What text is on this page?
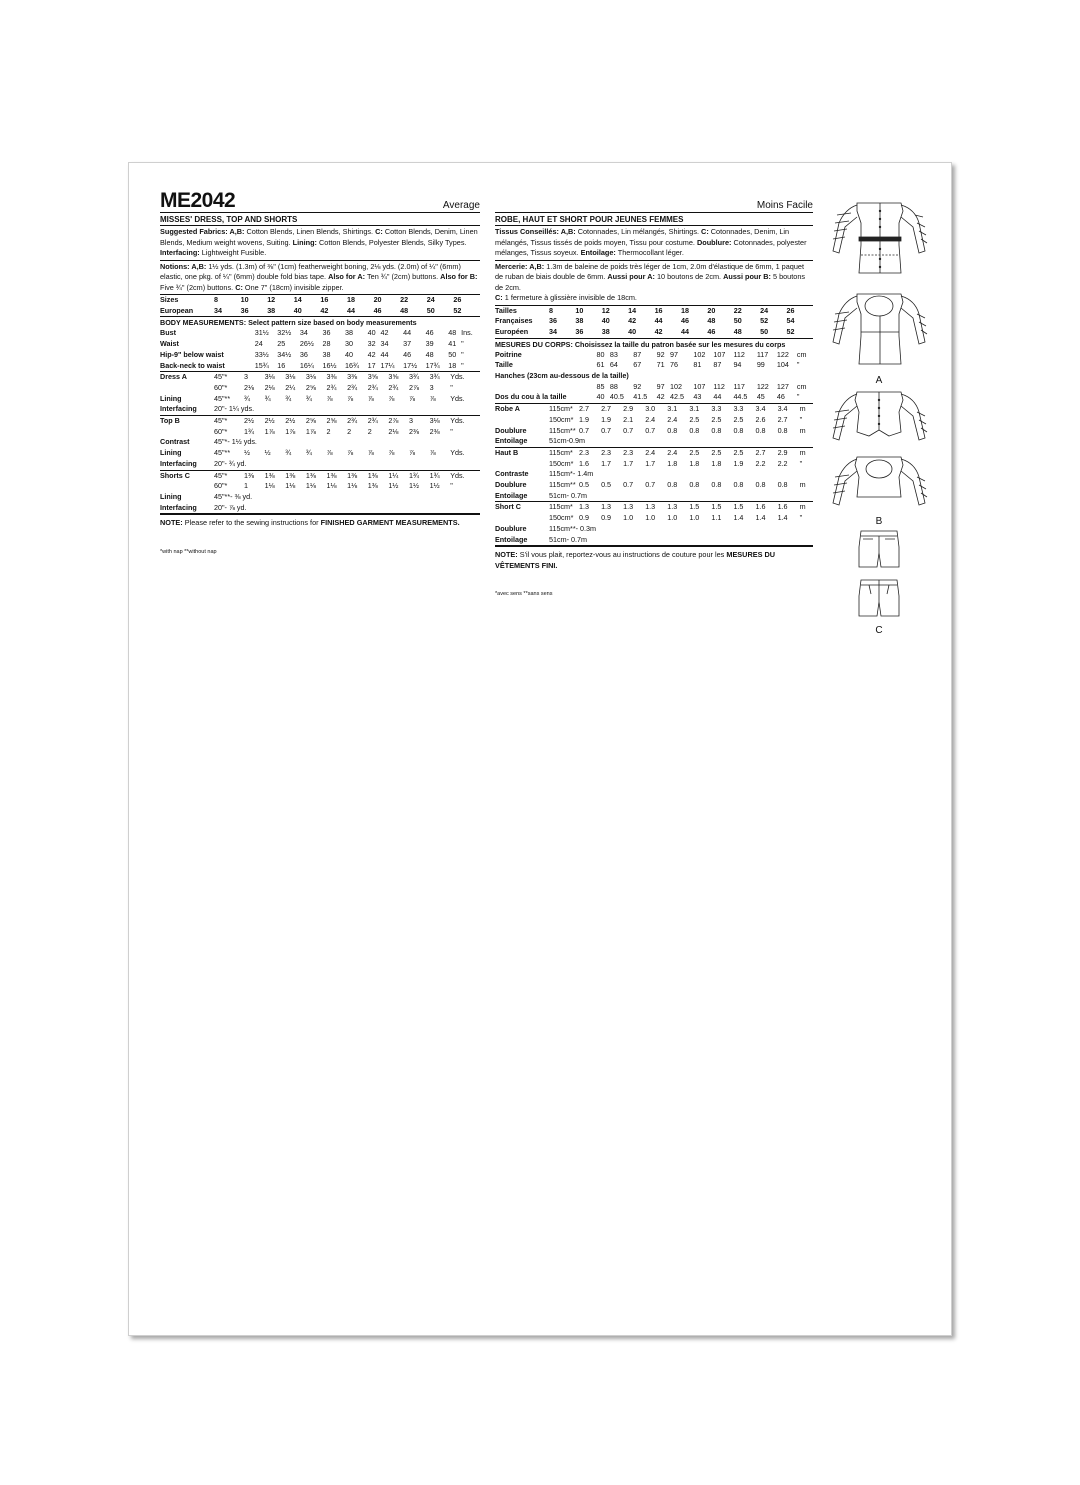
ME2042	Average
MISSES' DRESS, TOP AND SHORTS
Suggested Fabrics: A,B: Cotton Blends, Linen Blends, Shirtings. C: Cotton Blends, Denim, Linen Blends, Medium weight wovens, Suiting. Lining: Cotton Blends, Polyester Blends, Silky Types.
Interfacing: Lightweight Fusible.
Notions: A,B: 1½ yds. (1.3m) of ⅜" (1cm) featherweight boning, 2⅛ yds. (2.0m) of ¼" (6mm) elastic, one pkg. of ¼" (6mm) double fold bias tape. Also for A: Ten ¾" (2cm) buttons. Also for B: Five ¾" (2cm) buttons. C: One 7" (18cm) invisible zipper.
Sizes	8	10	12	14	16	18	20	22	24	26
European	34	36	38	40	42	44	46	48	50	52
BODY MEASUREMENTS: Select pattern size based on body measurements
Bust		31½	32½	34	36	38	40	42	44	46	48	Ins.
Waist		24	25	26½	28	30	32	34	37	39	41	"
Hip-9" below waist		33½	34½	36	38	40	42	44	46	48	50	"
Back-neck to waist		15¾	16	16¼	16½	16¾	17	17¼	17½	17¾	18	"
Dress A	45"*	3	3⅛	3⅛	3⅛	3⅜	3⅜	3⅝	3⅝	3¾	3¾	Yds.
	60"*	2⅛	2⅛	2¼	2⅝	2¾	2¾	2¾	2¾	2⅞	3	"
Lining	45"**	¾	¾	¾	¾	⅞	⅞	⅞	⅞	⅞	⅞	Yds.
Interfacing	20"- 1¼ yds.											
Top B	45"*	2½	2½	2½	2⅝	2⅝	2¾	2¾	2⅞	3	3⅛	Yds.
	60"*	1¾	1⅞	1⅞	1⅞	2	2	2	2⅛	2⅜	2⅜	"
Contrast	45"*- 1½ yds.											
Lining	45"**	½	½	¾	¾	⅞	⅞	⅞	⅞	⅞	⅞	Yds.
Interfacing	20"- ¾ yd.											
Shorts C	45"*	1⅜	1⅜	1⅜	1⅜	1⅜	1⅜	1⅜	1¼	1¾	1¾	Yds.
	60"*	1	1⅛	1⅛	1⅛	1⅛	1⅛	1⅜	1½	1½	1½	"
Lining	45"**- ⅜ yd.											
Interfacing	20"- ⅞ yd.											
NOTE: Please refer to the sewing instructions for FINISHED GARMENT MEASUREMENTS.
*with nap **without nap
Moins Facile
ROBE, HAUT ET SHORT POUR JEUNES FEMMES
Tissus Conseillés: A,B: Cotonnades, Lin mélangés, Shirtings. C: Cotonnades, Denim, Lin mélangés, Tissus tissés de poids moyen, Tissu pour costume. Doublure: Cotonnades, polyester mélanges, Tissus soyeux. Entoilage: Thermocollant léger.
Mercerie: A,B: 1.3m de baleine de poids très léger de 1cm, 2.0m d'élastique de 6mm, 1 paquet de ruban de biais double de 6mm. Aussi pour A: 10 boutons de 2cm. Aussi pour B: 5 boutons de 2cm.
C: 1 fermeture à glissière invisible de 18cm.
Tailles	8	10	12	14	16	18	20	22	24	26
Françaises	36	38	40	42	44	46	48	50	52	54
Européen	34	36	38	40	42	44	46	48	50	52
MESURES DU CORPS: Choisissez la taille du patron basée sur les mesures du corps
Poitrine		80	83	87	92	97	102	107	112	117	122	cm
Taille		61	64	67	71	76	81	87	94	99	104	"
Hanches (23cm au-dessous de la taille)												
		85	88	92	97	102	107	112	117	122	127	cm
Dos du cou à la taille		40	40.5	41.5	42	42.5	43	44	44.5	45	46	"
Robe A	115cm*	2.7	2.7	2.9	3.0	3.1	3.1	3.3	3.3	3.4	3.4	m
	150cm*	1.9	1.9	2.1	2.4	2.4	2.5	2.5	2.5	2.6	2.7	"
Doublure	115cm**	0.7	0.7	0.7	0.7	0.8	0.8	0.8	0.8	0.8	0.8	m
Entoilage	51cm-0.9m											
Haut B	115cm*	2.3	2.3	2.3	2.4	2.4	2.5	2.5	2.5	2.7	2.9	m
	150cm*	1.6	1.7	1.7	1.7	1.8	1.8	1.8	1.9	2.2	2.2	"
Contraste	115cm*- 1.4m											
Doublure	115cm**	0.5	0.5	0.7	0.7	0.8	0.8	0.8	0.8	0.8	0.8	m
Entoilage	51cm- 0.7m											
Short C	115cm*	1.3	1.3	1.3	1.3	1.3	1.5	1.5	1.5	1.6	1.6	m
	150cm*	0.9	0.9	1.0	1.0	1.0	1.0	1.1	1.4	1.4	1.4	"
Doublure	115cm**- 0.3m											
Entoilage	51cm- 0.7m											
NOTE: S'il vous plait, reportez-vous au instructions de couture pour les MESURES DU VÊTEMENTS FINI.
*avec sens **sans sens

A

B

C
